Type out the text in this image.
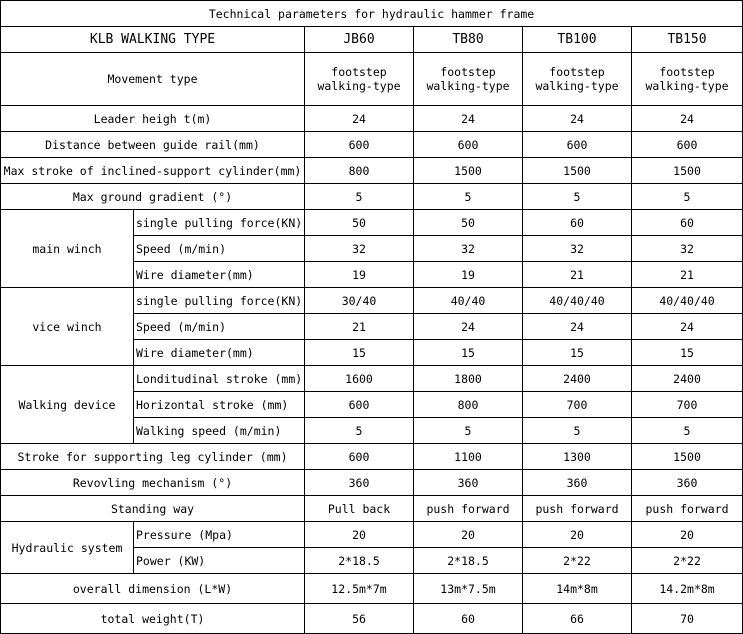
Technical parameters for hydraulic hammer frame					
KLB WALKING TYPE		JB60	TB80	TB100	TB150
Movement type		footstep walking-type	footstep walking-type	footstep walking-type	footstep walking-type
Leader heigh t(m)		24	24	24	24
Distance between guide rail(mm)		600	600	600	600
Max stroke of inclined-support cylinder(mm)		800	1500	1500	1500
Max ground gradient (°)		5	5	5	5
main winch	single pulling force(KN)	50	50	60	60
	Speed (m/min)	32	32	32	32
	Wire diameter(mm)	19	19	21	21
vice winch	single pulling force(KN)	30/40	40/40	40/40/40	40/40/40
	Speed (m/min)	21	24	24	24
	Wire diameter(mm)	15	15	15	15
Walking device	Londitudinal stroke (mm)	1600	1800	2400	2400
	Horizontal stroke (mm)	600	800	700	700
	Walking speed (m/min)	5	5	5	5
Stroke for supporting leg cylinder (mm)		600	1100	1300	1500
Revovling mechanism (°)		360	360	360	360
Standing way		Pull back	push forward	push forward	push forward
Hydraulic system	Pressure (Mpa)	20	20	20	20
	Power (KW)	2*18.5	2*18.5	2*22	2*22
overall dimension (L*W)		12.5m*7m	13m*7.5m	14m*8m	14.2m*8m
total weight(T)		56	60	66	70
